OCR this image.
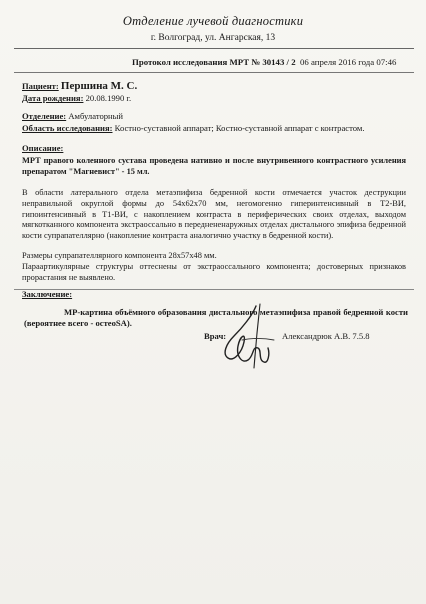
Отделение лучевой диагностики
г. Волгоград, ул. Ангарская, 13
Протокол исследования МРТ № 30143 / 2 06 апреля 2016 года 07:46
Пациент: Першина М. С.
Дата рождения: 20.08.1990 г.
Отделение: Амбулаторный
Область исследования: Костно-суставной аппарат; Костно-суставной аппарат с контрастом.
Описание:
МРТ правого коленного сустава проведена нативно и после внутривенного контрастного усиления препаратом "Магневист" - 15 мл.
В области латерального отдела метаэпифиза бедренной кости отмечается участок деструкции неправильной округлой формы до 54х62х70 мм, негомогенно гиперинтенсивный в Т2-ВИ, гипоинтенсивный в Т1-ВИ, с накоплением контраста в периферических своих отделах, выходом мягкотканного компонента экстраоссально в переднененаружных отделах дистального эпифиза бедренной кости супрапателлярно (накопление контраста аналогично участку в бедренной кости).
Размеры супрапателлярного компонента 28х57х48 мм.
Параартикулярные структуры оттеснены от экстраоссального компонента; достоверных признаков прорастания не выявлено.
Заключение:
МР-картина объёмного образования дистального метаэпифиза правой бедренной кости (вероятнее всего - остеоSA).
Врач:	Александрюк А.В. 7.5.8
